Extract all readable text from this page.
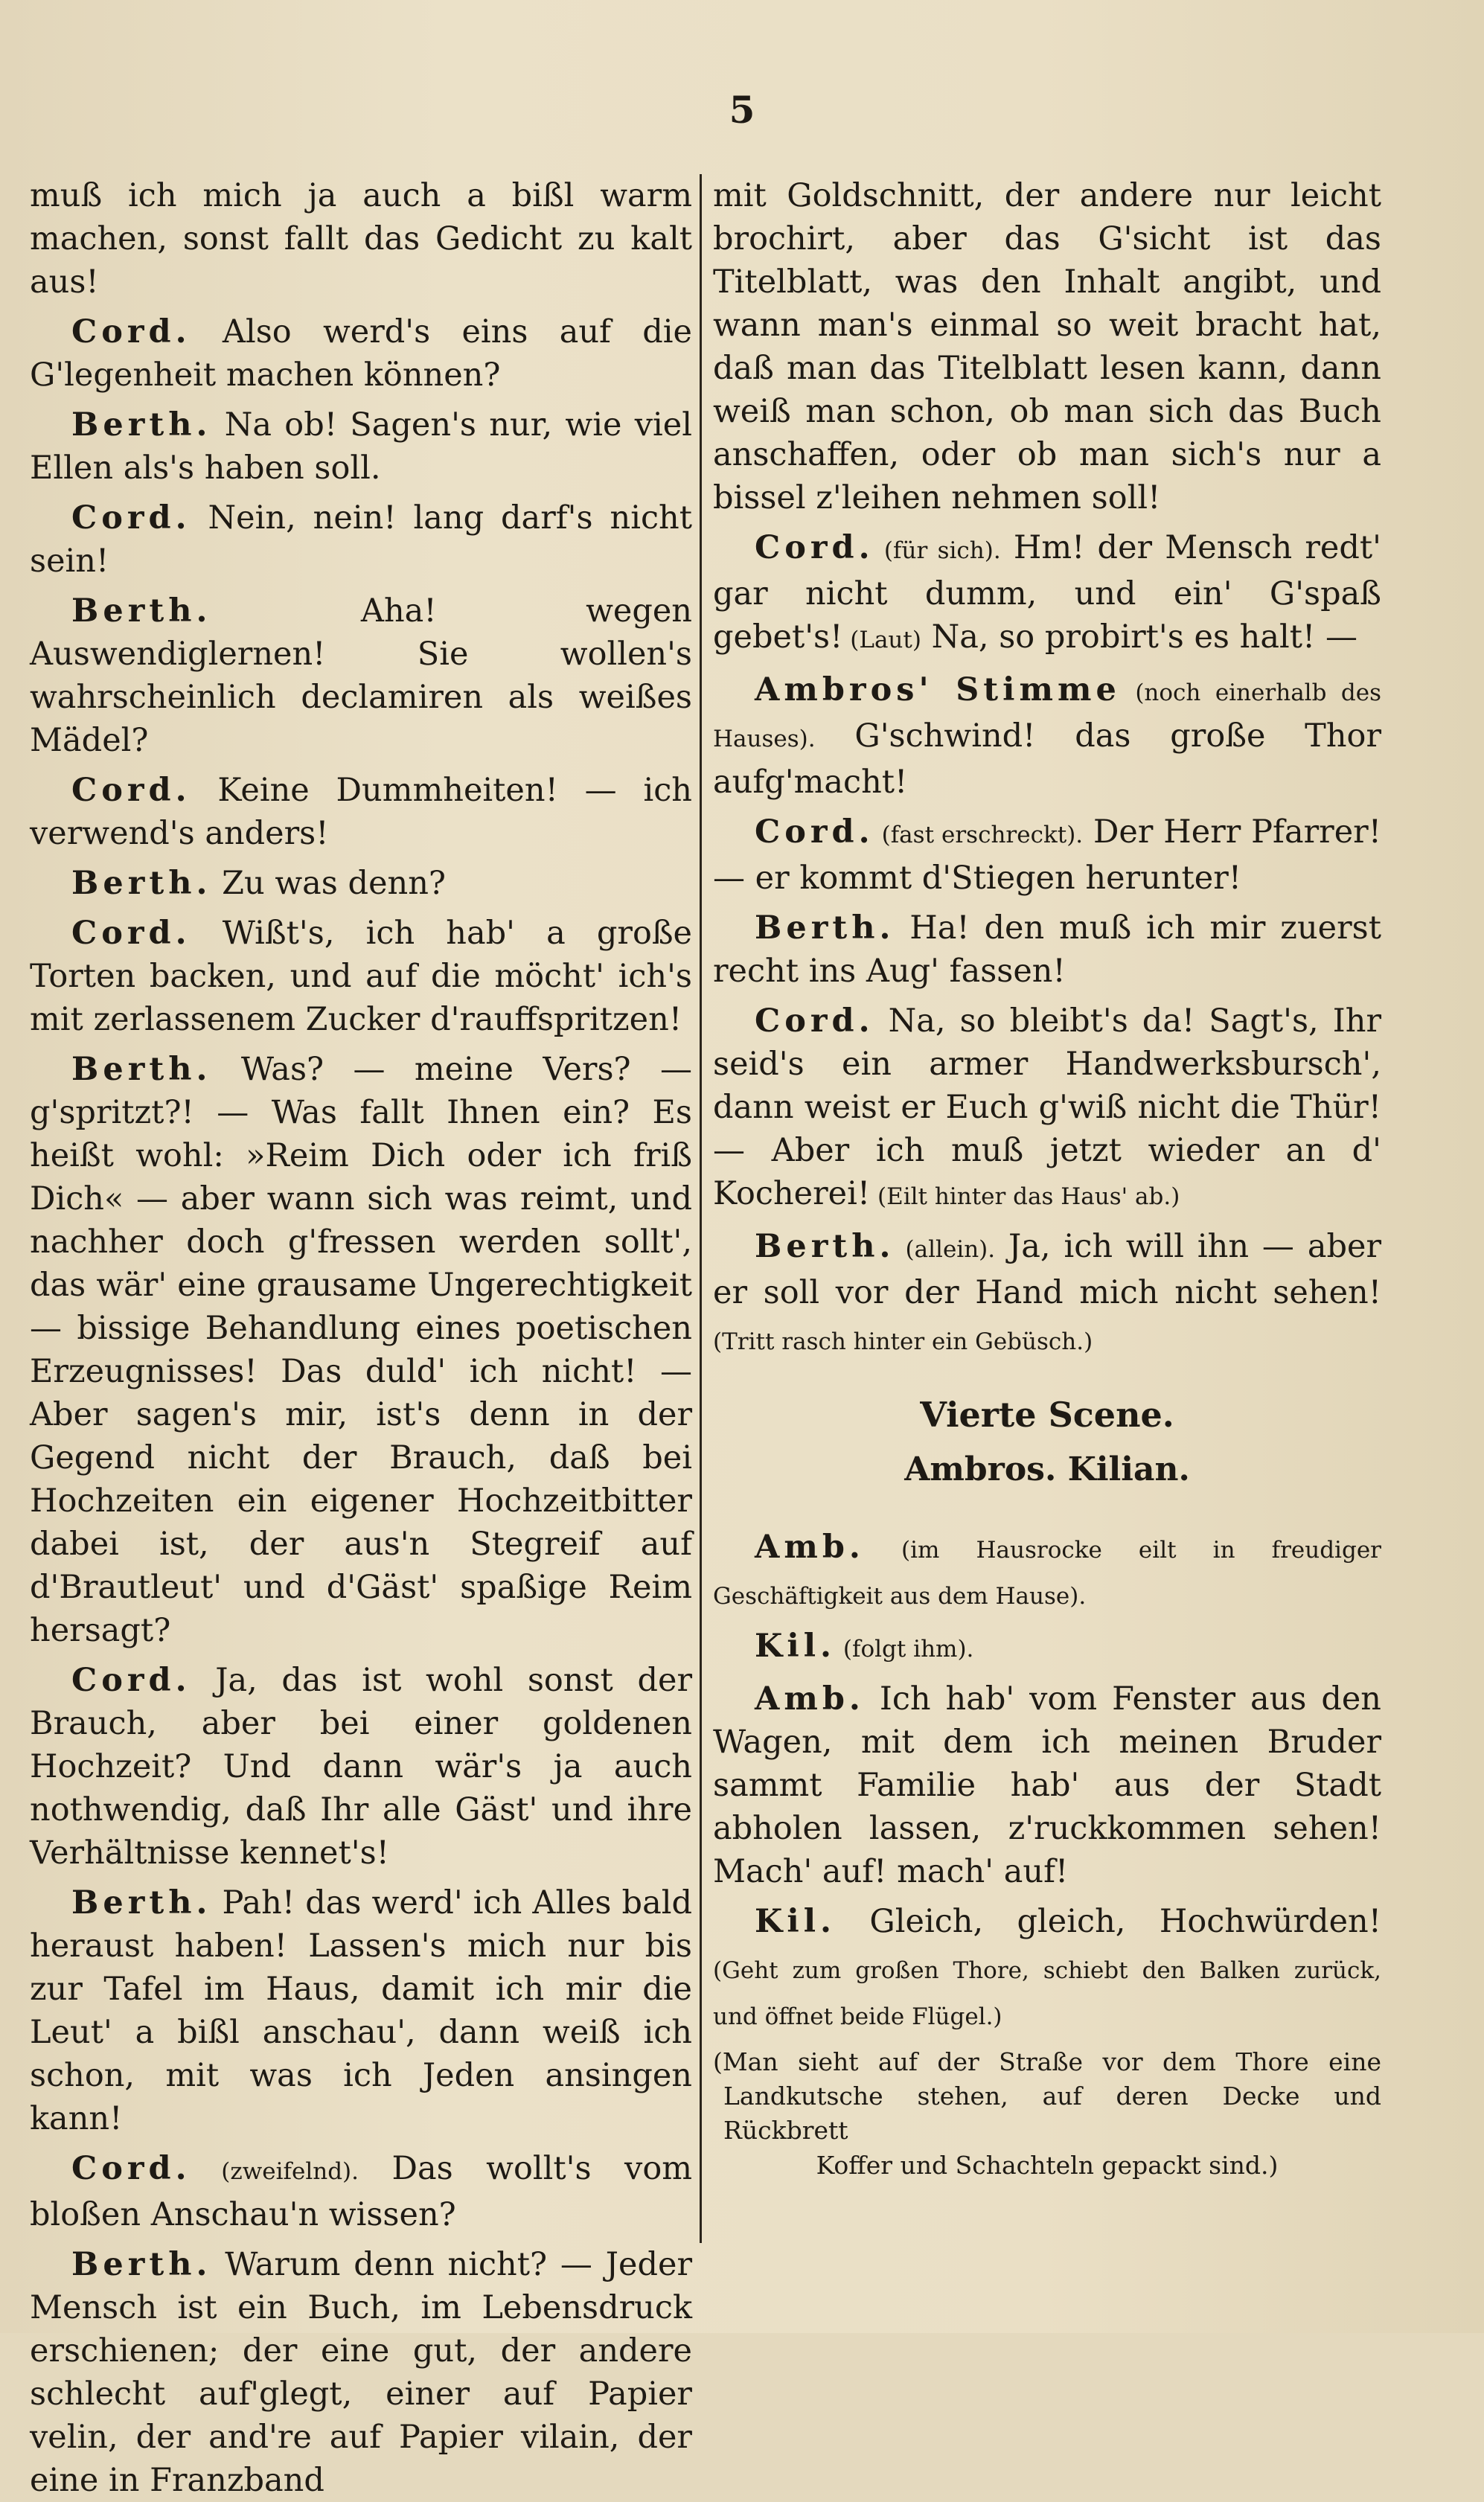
5

muß ich mich ja auch a bißl warm machen, sonst fallt das Gedicht zu kalt aus!

Cord. Also werd's eins auf die G'legenheit machen können?

Berth. Na ob! Sagen's nur, wie viel Ellen als's haben soll.

Cord. Nein, nein! lang darf's nicht sein!

Berth. Aha! wegen Auswendiglernen! Sie wollen's wahrscheinlich declamiren als weißes Mädel?

Cord. Keine Dummheiten! — ich verwend's anders!

Berth. Zu was denn?

Cord. Wißt's, ich hab' a große Torten backen, und auf die möcht' ich's mit zerlassenem Zucker d'rauffspritzen!

Berth. Was? — meine Vers? — g'spritzt?! — Was fallt Ihnen ein? Es heißt wohl: »Reim Dich oder ich friß Dich« — aber wann sich was reimt, und nachher doch g'fressen werden sollt', das wär' eine grausame Ungerechtigkeit — bissige Behandlung eines poetischen Erzeugnisses! Das duld' ich nicht! — Aber sagen's mir, ist's denn in der Gegend nicht der Brauch, daß bei Hochzeiten ein eigener Hochzeitbitter dabei ist, der aus'n Stegreif auf d'Brautleut' und d'Gäst' spaßige Reim hersagt?

Cord. Ja, das ist wohl sonst der Brauch, aber bei einer goldenen Hochzeit? Und dann wär's ja auch nothwendig, daß Ihr alle Gäst' und ihre Verhältnisse kennet's!

Berth. Pah! das werd' ich Alles bald heraust haben! Lassen's mich nur bis zur Tafel im Haus, damit ich mir die Leut' a bißl anschau', dann weiß ich schon, mit was ich Jeden ansingen kann!

Cord. (zweifelnd). Das wollt's vom bloßen Anschau'n wissen?

Berth. Warum denn nicht? — Jeder Mensch ist ein Buch, im Lebensdruck erschienen; der eine gut, der andere schlecht auf'glegt, einer auf Papier velin, der and're auf Papier vilain, der eine in Franzband

mit Goldschnitt, der andere nur leicht brochirt, aber das G'sicht ist das Titelblatt, was den Inhalt angibt, und wann man's einmal so weit bracht hat, daß man das Titelblatt lesen kann, dann weiß man schon, ob man sich das Buch anschaffen, oder ob man sich's nur a bissel z'leihen nehmen soll!

Cord. (für sich). Hm! der Mensch redt' gar nicht dumm, und ein' G'spaß gebet's! (Laut) Na, so probirt's es halt! —

Ambros' Stimme (noch einerhalb des Hauses). G'schwind! das große Thor aufg'macht!

Cord. (fast erschreckt). Der Herr Pfarrer! — er kommt d'Stiegen herunter!

Berth. Ha! den muß ich mir zuerst recht ins Aug' fassen!

Cord. Na, so bleibt's da! Sagt's, Ihr seid's ein armer Handwerksbursch', dann weist er Euch g'wiß nicht die Thür! — Aber ich muß jetzt wieder an d' Kocherei! (Eilt hinter das Haus' ab.)

Berth. (allein). Ja, ich will ihn — aber er soll vor der Hand mich nicht sehen! (Tritt rasch hinter ein Gebüsch.)

Vierte Scene.
Ambros. Kilian.

Amb. (im Hausrocke eilt in freudiger Geschäftigkeit aus dem Hause).

Kil. (folgt ihm).

Amb. Ich hab' vom Fenster aus den Wagen, mit dem ich meinen Bruder sammt Familie hab' aus der Stadt abholen lassen, z'ruckkommen sehen! Mach' auf! mach' auf!

Kil. Gleich, gleich, Hochwürden! (Geht zum großen Thore, schiebt den Balken zurück, und öffnet beide Flügel.)

(Man sieht auf der Straße vor dem Thore eine Landkutsche stehen, auf deren Decke und Rückbrett

Koffer und Schachteln gepackt sind.)
